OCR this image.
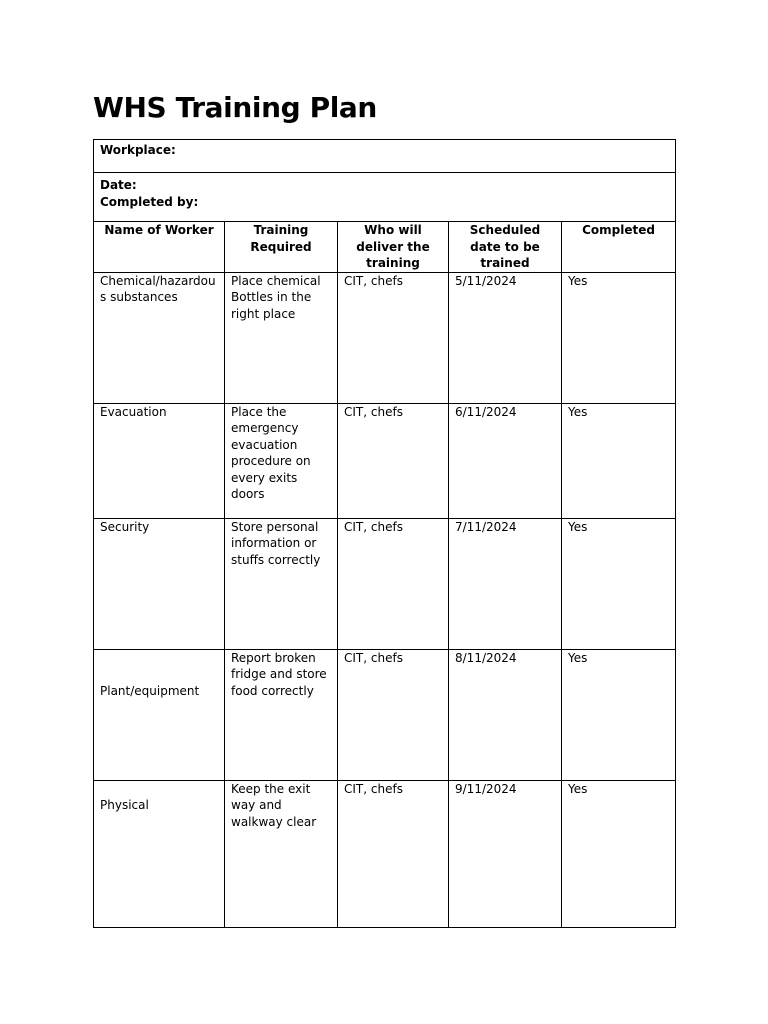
WHS Training Plan
Workplace:				

Date:
Completed by:				

Name of Worker	Training Required	Who will deliver the training	Scheduled date to be trained	Completed
Chemical/hazardous substances	Place chemical Bottles in the right place	CIT, chefs	5/11/2024	Yes
Evacuation	Place the emergency evacuation procedure on every exits doors	CIT, chefs	6/11/2024	Yes
Security	Store personal information or stuffs correctly	CIT, chefs	7/11/2024	Yes
Plant/equipment	Report broken fridge and store food correctly	CIT, chefs	8/11/2024	Yes
Physical	Keep the exit way and walkway clear	CIT, chefs	9/11/2024	Yes
